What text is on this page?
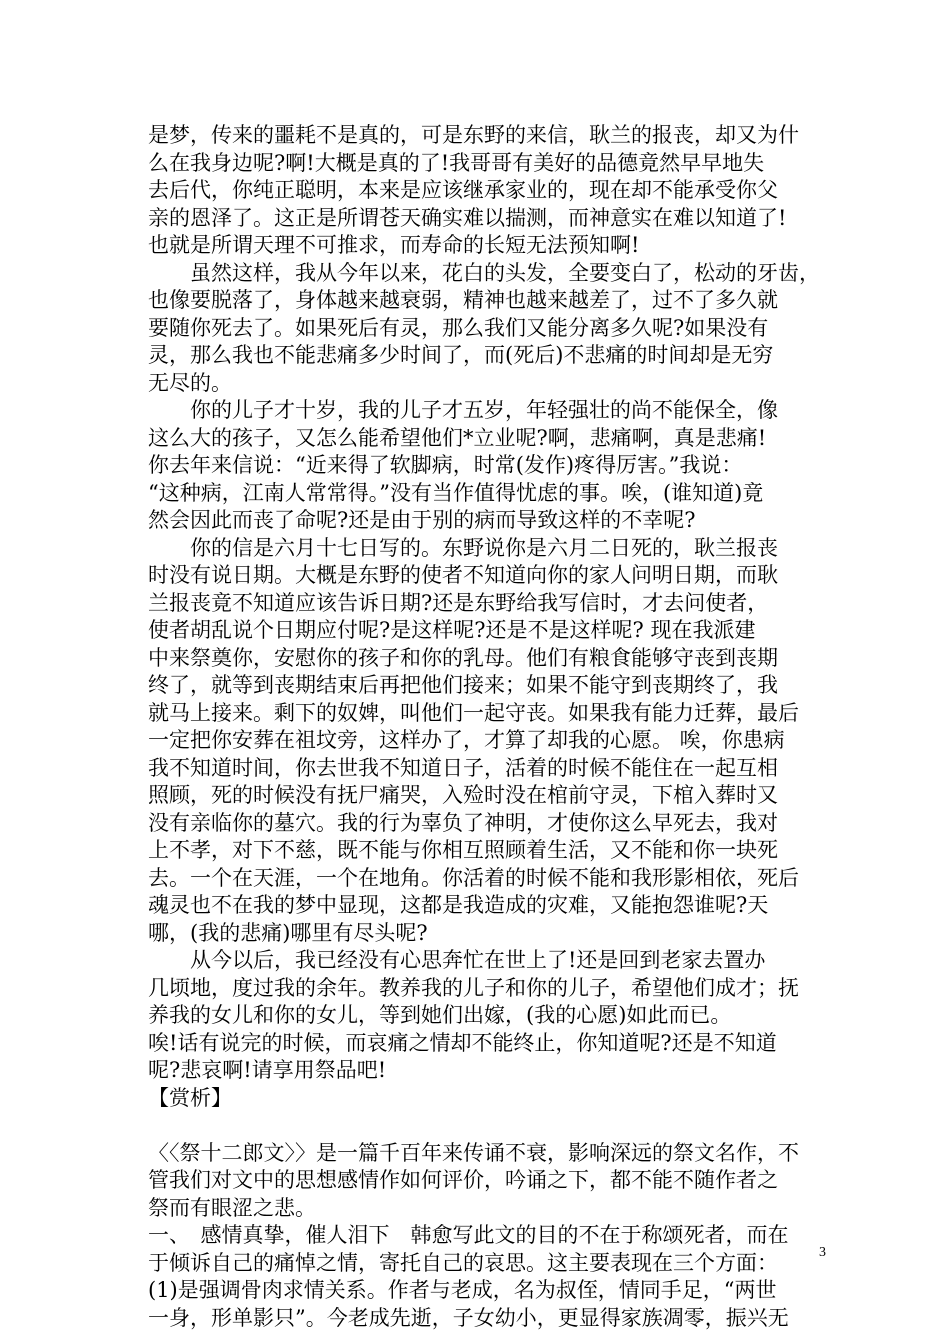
是梦，传来的噩耗不是真的，可是东野的来信，耿兰的报丧，却又为什
么在我身边呢?啊!大概是真的了!我哥哥有美好的品德竟然早早地失
去后代，你纯正聪明，本来是应该继承家业的，现在却不能承受你父
亲的恩泽了。这正是所谓苍天确实难以揣测，而神意实在难以知道了!
也就是所谓天理不可推求，而寿命的长短无法预知啊!
　　虽然这样，我从今年以来，花白的头发，全要变白了，松动的牙齿，
也像要脱落了，身体越来越衰弱，精神也越来越差了，过不了多久就
要随你死去了。如果死后有灵，那么我们又能分离多久呢?如果没有
灵，那么我也不能悲痛多少时间了，而(死后)不悲痛的时间却是无穷
无尽的。
　　你的儿子才十岁，我的儿子才五岁，年轻强壮的尚不能保全，像
这么大的孩子，又怎么能希望他们*立业呢?啊，悲痛啊，真是悲痛!
你去年来信说：“近来得了软脚病，时常(发作)疼得厉害。”我说：
“这种病，江南人常常得。”没有当作值得忧虑的事。唉，(谁知道)竟
然会因此而丧了命呢?还是由于别的病而导致这样的不幸呢?
　　你的信是六月十七日写的。东野说你是六月二日死的，耿兰报丧
时没有说日期。大概是东野的使者不知道向你的家人问明日期，而耿
兰报丧竟不知道应该告诉日期?还是东野给我写信时，才去问使者，
使者胡乱说个日期应付呢?是这样呢?还是不是这样呢? 现在我派建
中来祭奠你，安慰你的孩子和你的乳母。他们有粮食能够守丧到丧期
终了，就等到丧期结束后再把他们接来；如果不能守到丧期终了，我
就马上接来。剩下的奴婢，叫他们一起守丧。如果我有能力迁葬，最后
一定把你安葬在祖坟旁，这样办了，才算了却我的心愿。 唉，你患病
我不知道时间，你去世我不知道日子，活着的时候不能住在一起互相
照顾，死的时候没有抚尸痛哭，入殓时没在棺前守灵，下棺入葬时又
没有亲临你的墓穴。我的行为辜负了神明，才使你这么早死去，我对
上不孝，对下不慈，既不能与你相互照顾着生活，又不能和你一块死
去。一个在天涯，一个在地角。你活着的时候不能和我形影相依，死后
魂灵也不在我的梦中显现，这都是我造成的灾难，又能抱怨谁呢?天
哪，(我的悲痛)哪里有尽头呢?
　　从今以后，我已经没有心思奔忙在世上了!还是回到老家去置办
几顷地，度过我的余年。教养我的儿子和你的儿子，希望他们成才；抚
养我的女儿和你的女儿，等到她们出嫁，(我的心愿)如此而已。
唉!话有说完的时候，而哀痛之情却不能终止，你知道呢?还是不知道
呢?悲哀啊!请享用祭品吧!
【赏析】
〈〈祭十二郎文〉〉是一篇千百年来传诵不衰，影响深远的祭文名作，不
管我们对文中的思想感情作如何评价，吟诵之下，都不能不随作者之
祭而有眼涩之悲。
一、　感情真挚，催人泪下　韩愈写此文的目的不在于称颂死者，而在
于倾诉自己的痛悼之情，寄托自己的哀思。这主要表现在三个方面：
(1)是强调骨肉求情关系。作者与老成，名为叔侄，情同手足，“两世
一身，形单影只”。今老成先逝，子女幼小，更显得家族凋零，振兴无
3
